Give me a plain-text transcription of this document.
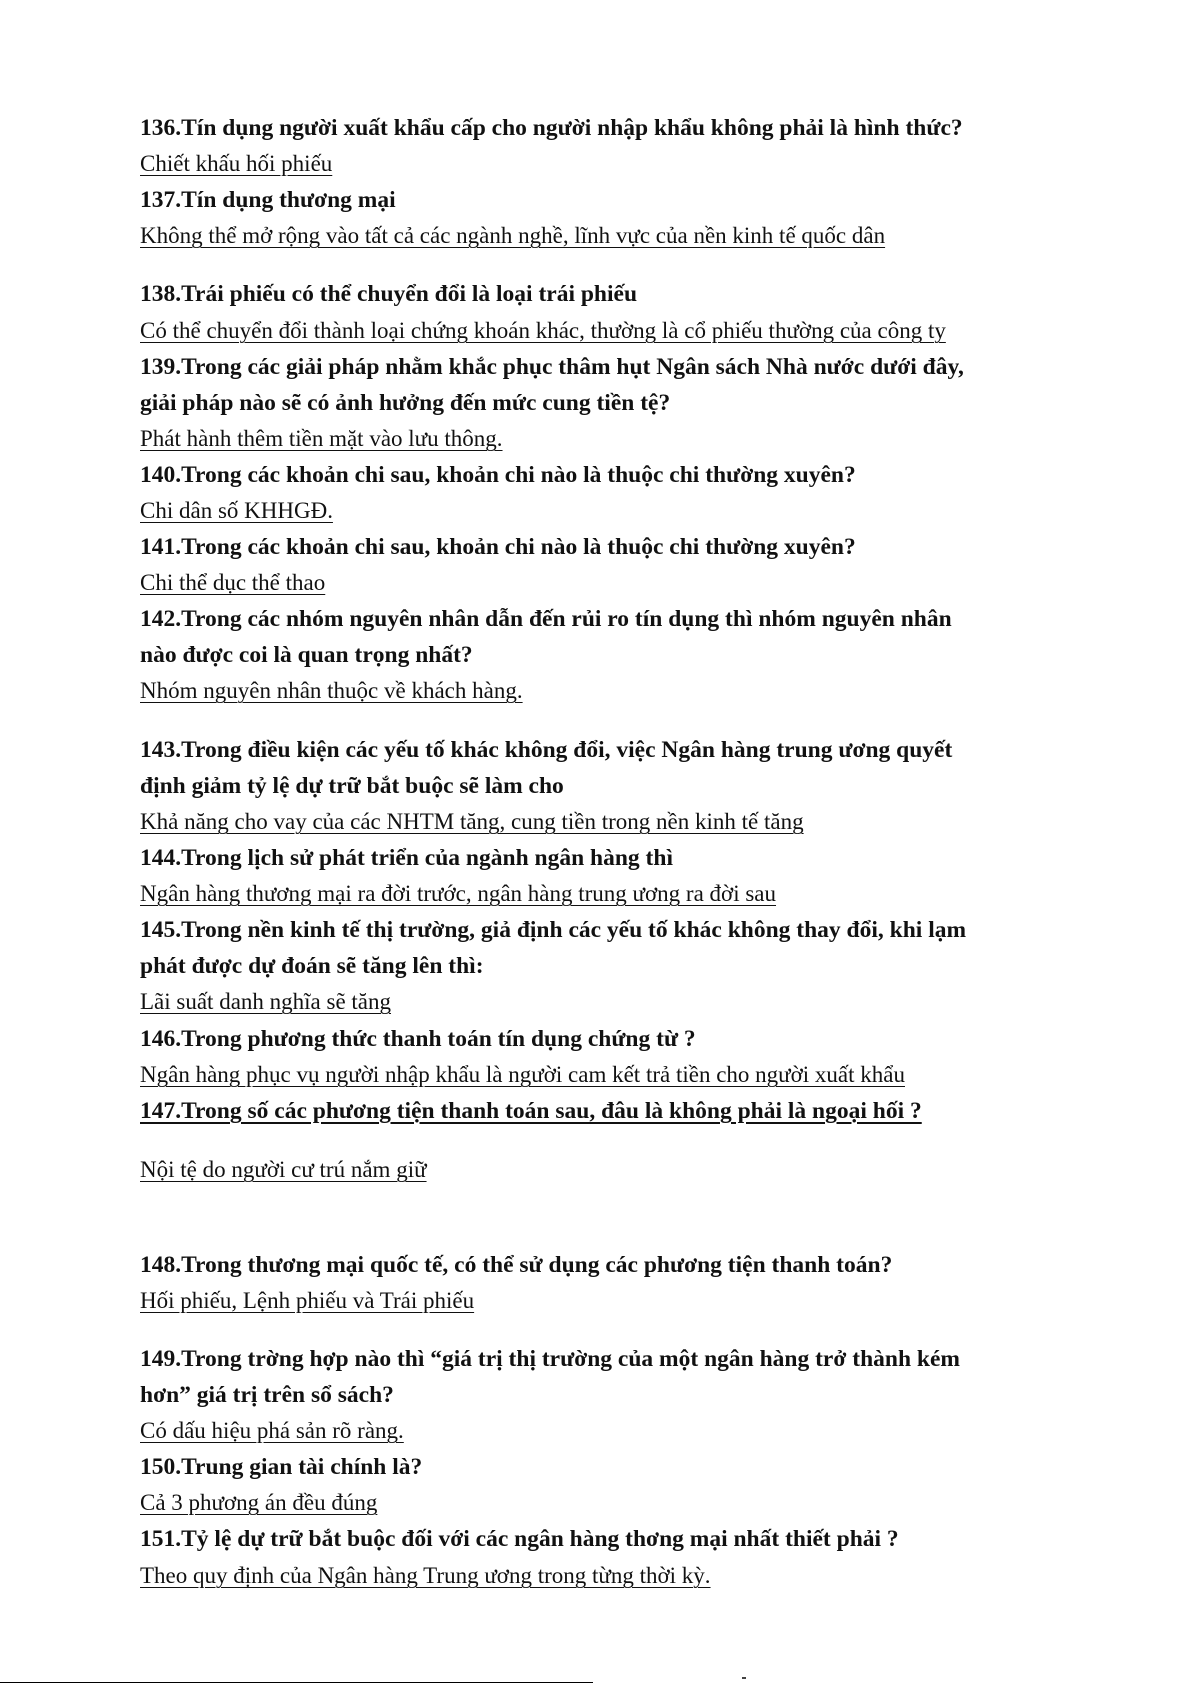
136.Tín dụng người xuất khẩu cấp cho người nhập khẩu không phải là hình thức?
Chiết khấu hối phiếu
137.Tín dụng thương mại
Không thể mở rộng vào tất cả các ngành nghề, lĩnh vực của nền kinh tế quốc dân
138.Trái phiếu có thể chuyển đổi là loại trái phiếu
Có thể chuyển đổi thành loại chứng khoán khác, thường là cổ phiếu thường của công ty
139.Trong các giải pháp nhằm khắc phục thâm hụt Ngân sách Nhà nước dưới đây,
giải pháp nào sẽ có ảnh hưởng đến mức cung tiền tệ?
Phát hành thêm tiền mặt vào lưu thông.
140.Trong các khoản chi sau, khoản chi nào là thuộc chi thường xuyên?
Chi dân số KHHGĐ.
141.Trong các khoản chi sau, khoản chi nào là thuộc chi thường xuyên?
Chi thể dục thể thao
142.Trong các nhóm nguyên nhân dẫn đến rủi ro tín dụng thì nhóm nguyên nhân
nào được coi là quan trọng nhất?
Nhóm nguyên nhân thuộc về khách hàng.
143.Trong điều kiện các yếu tố khác không đổi, việc Ngân hàng trung ương quyết
định giảm tỷ lệ dự trữ bắt buộc sẽ làm cho
Khả năng cho vay của các NHTM tăng, cung tiền trong nền kinh tế tăng
144.Trong lịch sử phát triển của ngành ngân hàng thì
Ngân hàng thương mại ra đời trước, ngân hàng trung ương ra đời sau
145.Trong nền kinh tế thị trường, giả định các yếu tố khác không thay đổi, khi lạm
phát được dự đoán sẽ tăng lên thì:
Lãi suất danh nghĩa sẽ tăng
146.Trong phương thức thanh toán tín dụng chứng từ ?
Ngân hàng phục vụ người nhập khẩu là người cam kết trả tiền cho người xuất khẩu
147.Trong số các phương tiện thanh toán sau, đâu là không phải là ngoại hối ?
Nội tệ do người cư trú nắm giữ
148.Trong thương mại quốc tế, có thể sử dụng các phương tiện thanh toán?
Hối phiếu, Lệnh phiếu và Trái phiếu
149.Trong trờng hợp nào thì “giá trị thị trường của một ngân hàng trở thành kém
hơn” giá trị trên sổ sách?
Có dấu hiệu phá sản rõ ràng.
150.Trung gian tài chính là?
Cả 3 phương án đều đúng
151.Tỷ lệ dự trữ bắt buộc đối với các ngân hàng thơng mại nhất thiết phải ?
Theo quy định của Ngân hàng Trung ương trong từng thời kỳ.
